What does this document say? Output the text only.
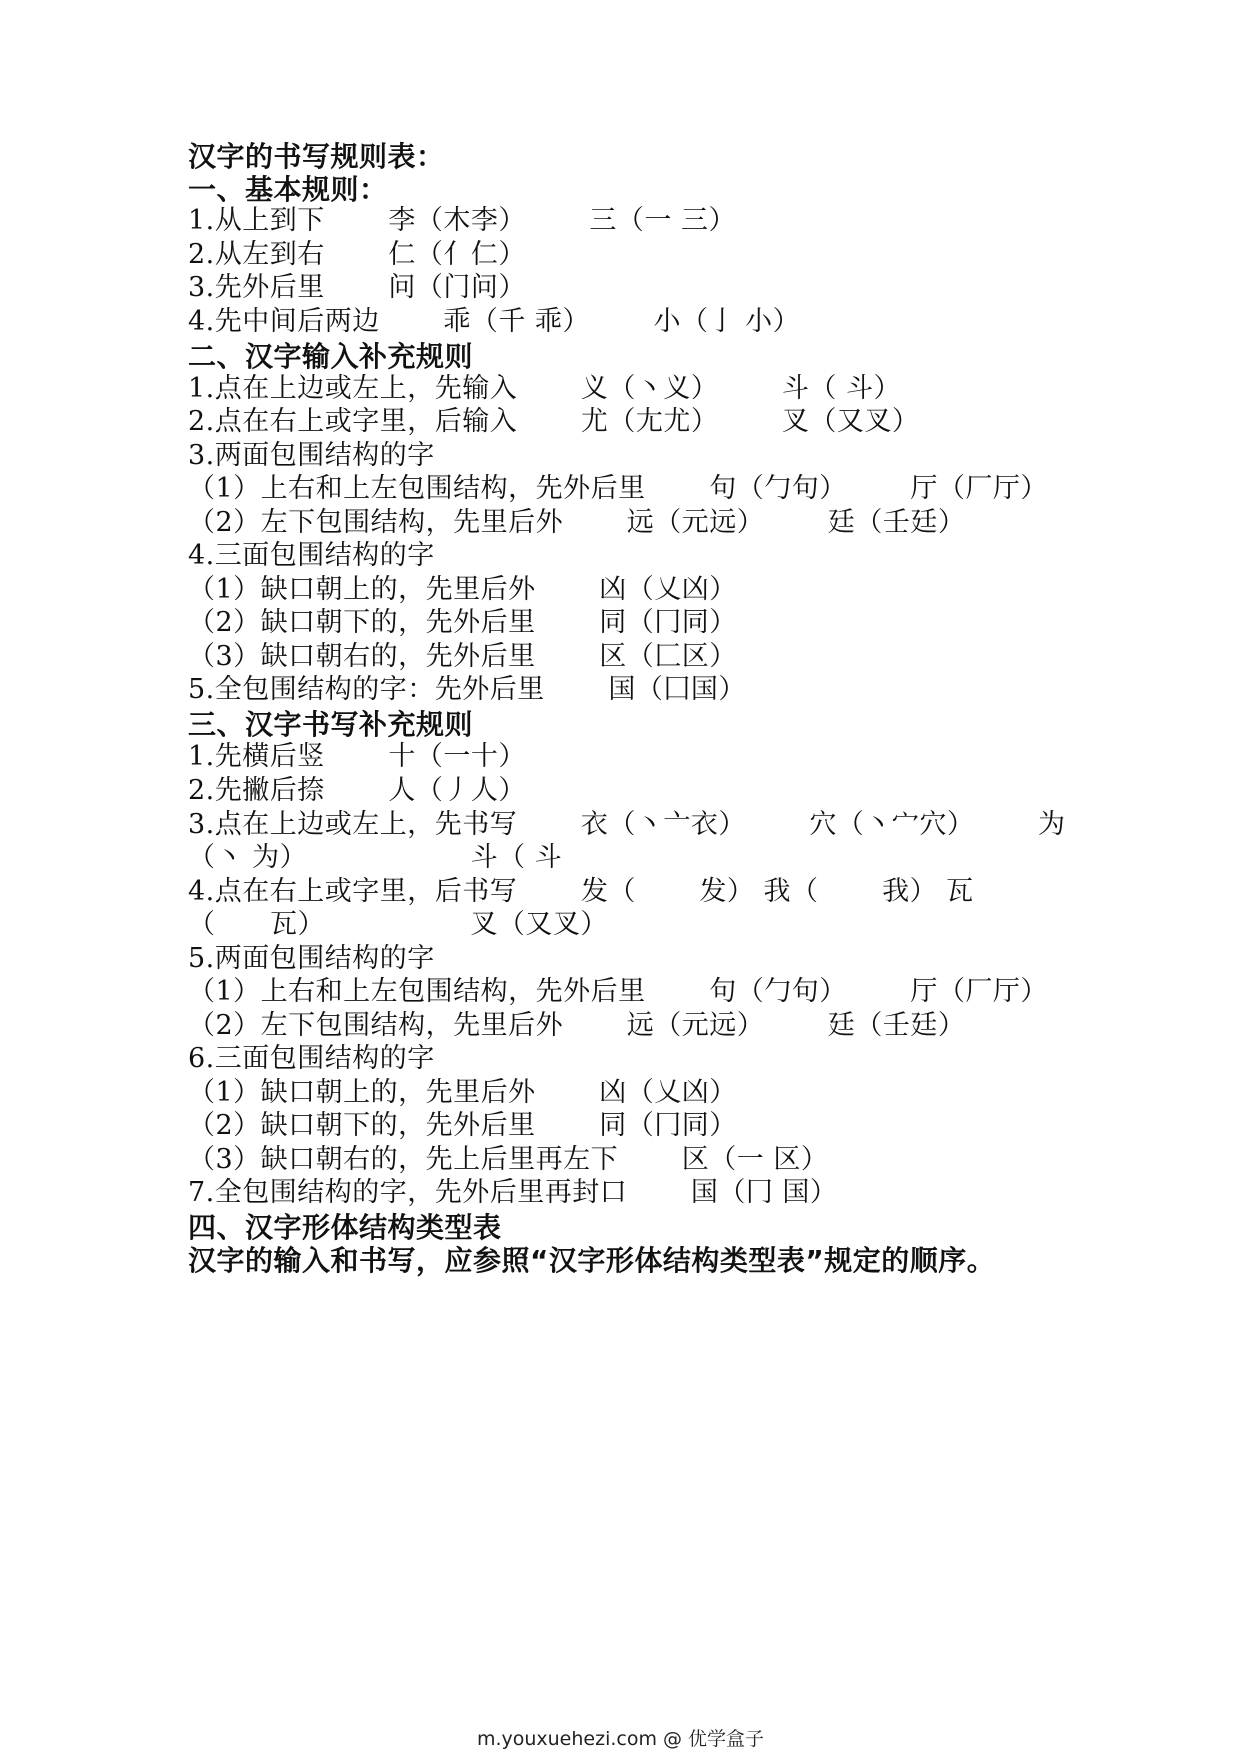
汉字的书写规则表：
一、基本规则：
1.从上到下       李（木李）       三（一 三）
2.从左到右       仁（亻仁）
3.先外后里       问（门问）
4.先中间后两边       乖（千 乖）       小（亅 小）
二、汉字输入补充规则
1.点在上边或左上，先输入       义（丶义）       斗（ 斗）
2.点在右上或字里，后输入       尤（尢尤）       叉（又叉）
3.两面包围结构的字
（1）上右和上左包围结构，先外后里       句（勹句）       厅（厂厅）
（2）左下包围结构，先里后外       远（元远）       廷（壬廷）
4.三面包围结构的字
（1）缺口朝上的，先里后外       凶（乂凶）
（2）缺口朝下的，先外后里       同（冂同）
（3）缺口朝右的，先外后里       区（匚区）
5.全包围结构的字：先外后里       国（囗国）
三、汉字书写补充规则
1.先横后竖       十（一十）
2.先撇后捺       人（丿人）
3.点在上边或左上，先书写       衣（丶亠衣）       穴（丶宀穴）       为
（丶 为）                  斗（ 斗
4.点在右上或字里，后书写       发（       发） 我（       我） 瓦
（      瓦）                叉（又叉）
5.两面包围结构的字
（1）上右和上左包围结构，先外后里       句（勹句）       厅（厂厅）
（2）左下包围结构，先里后外       远（元远）       廷（壬廷）
6.三面包围结构的字
（1）缺口朝上的，先里后外       凶（乂凶）
（2）缺口朝下的，先外后里       同（冂同）
（3）缺口朝右的，先上后里再左下       区（一 区）
7.全包围结构的字，先外后里再封口       国（冂 国）
四、汉字形体结构类型表
汉字的输入和书写，应参照“汉字形体结构类型表”规定的顺序。
m.youxuehezi.com @ 优学盒子
